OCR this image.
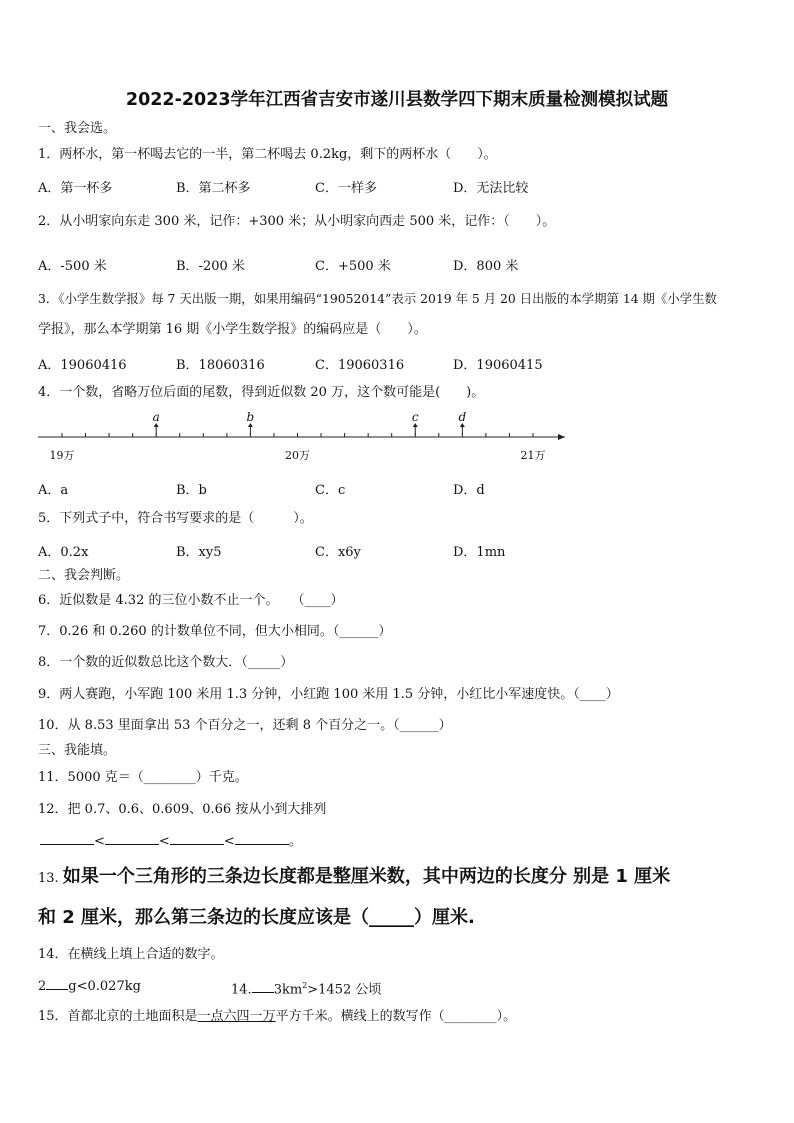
2022-2023学年江西省吉安市遂川县数学四下期末质量检测模拟试题
一、我会选。
1．两杯水，第一杯喝去它的一半，第二杯喝去 0.2kg，剩下的两杯水（　　）。
A．第一杯多	B．第二杯多	C．一样多	D．无法比较
2．从小明家向东走 300 米，记作：+300 米；从小明家向西走 500 米，记作：（　　）。
A．-500 米	B．-200 米	C．+500 米	D．800 米
3．《小学生数学报》每 7 天出版一期，如果用编码“19052014”表示 2019 年 5 月 20 日出版的本学期第 14 期《小学生数
学报》，那么本学期第 16 期《小学生数学报》的编码应是（　　）。
A．19060416	B．18060316	C．19060316	D．19060415
4．一个数，省略万位后面的尾数，得到近似数 20 万，这个数可能是(　　)。
a	b	c	d
19万	20万	21万
A．a	B．b	C．c	D．d
5．下列式子中，符合书写要求的是（　　　）。
A．0.2x	B．xy5	C．x6y	D．1mn
二、我会判断。
6．近似数是 4.32 的三位小数不止一个。　　（____）
7．0.26 和 0.260 的计数单位不同，但大小相同。（______）
8．一个数的近似数总比这个数大．（_____）
9．两人赛跑，小军跑 100 米用 1.3 分钟，小红跑 100 米用 1.5 分钟，小红比小军速度快。（____）
10．从 8.53 里面拿出 53 个百分之一，还剩 8 个百分之一。（______）
三、我能填。
11．5000 克＝（________）千克。
12．把 0.7、0.6、0.609、0.66 按从小到大排列
<	<	<	。
13. 如果一个三角形的三条边长度都是整厘米数，其中两边的长度分 别是 1 厘米
和 2 厘米，那么第三条边的长度应该是（_____）厘米.
14．在横线上填上合适的数字。
2 g<0.027kg	14. $3km^2>1452$ 公顷
15．首都北京的土地面积是一点六四一万平方千米。横线上的数写作（________）。
